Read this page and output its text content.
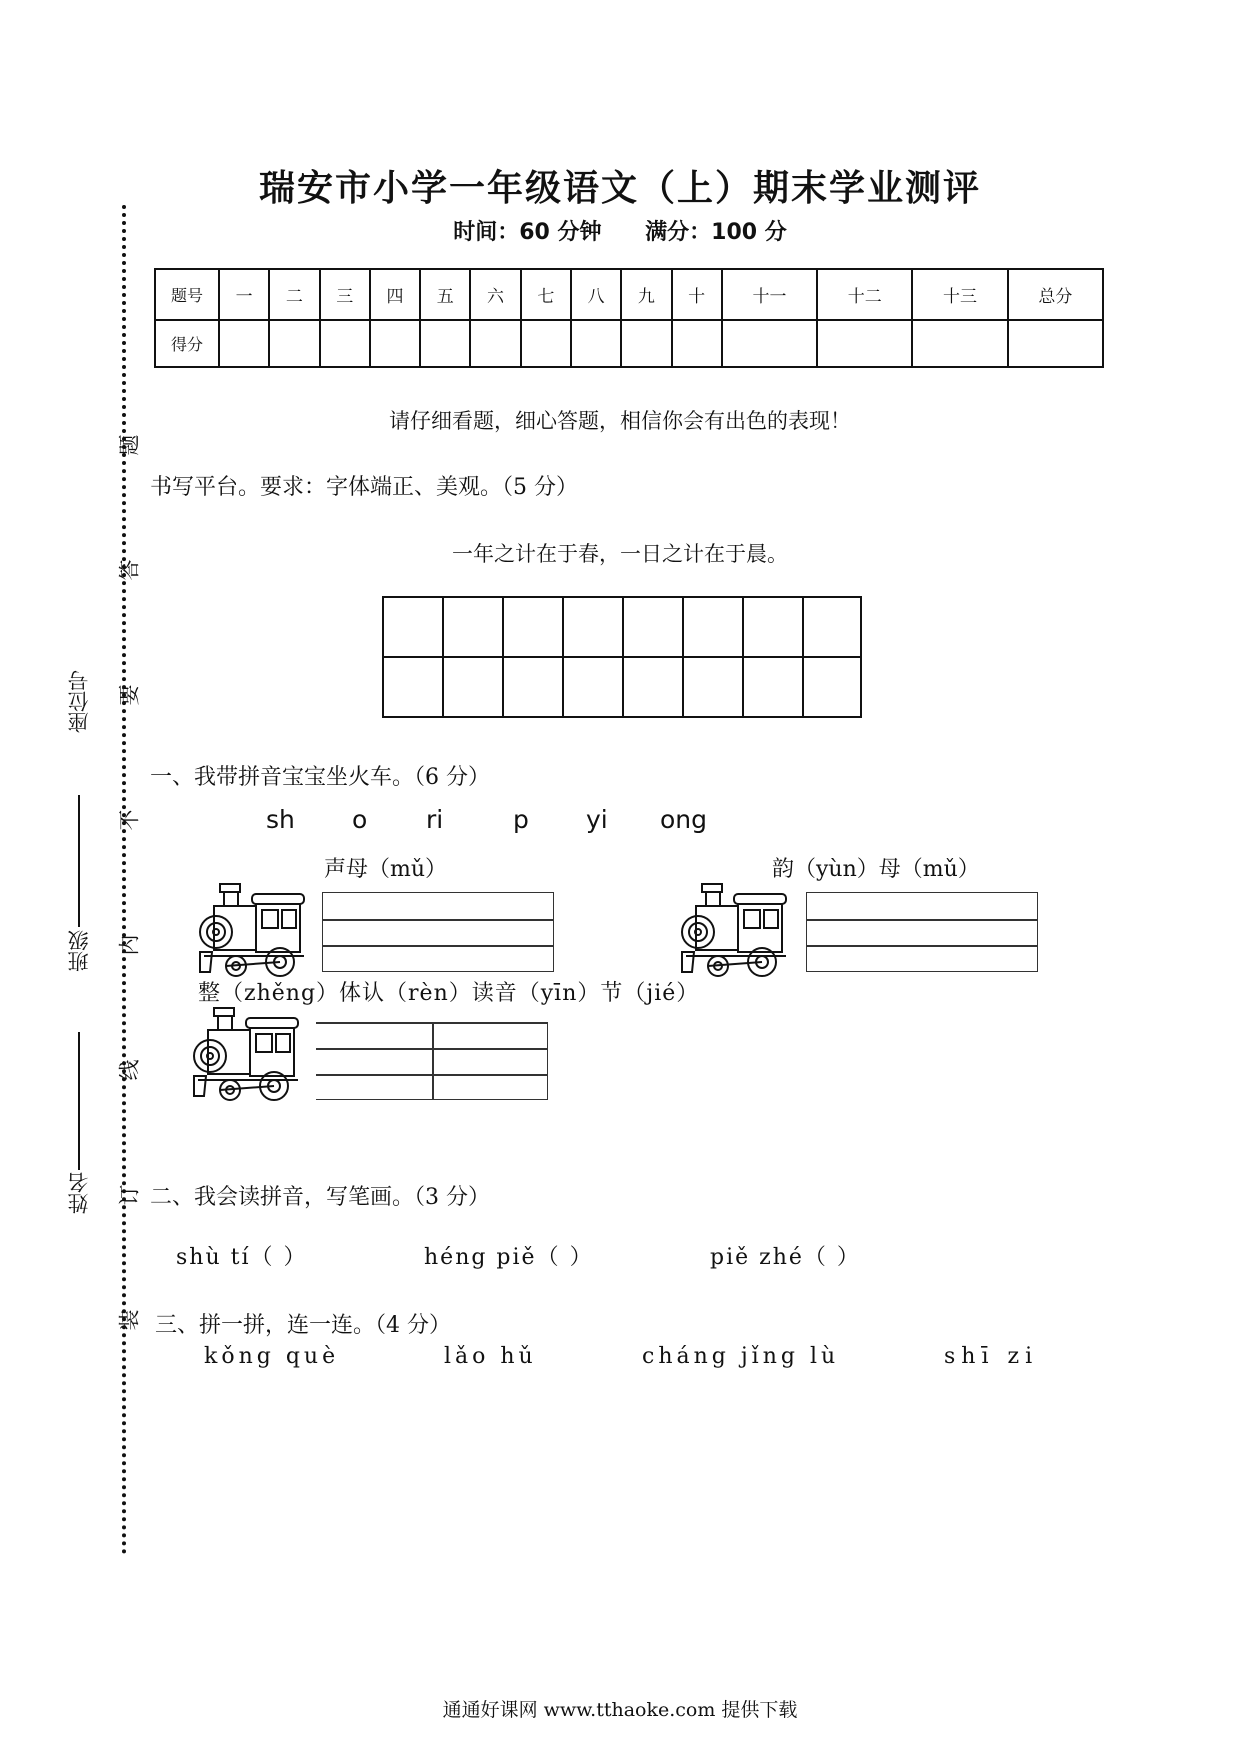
瑞安市小学一年级语文（上）期末学业测评
时间：60 分钟 满分：100 分
题号	一	二	三	四	五	六	七	八	九	十	十一	十二	十三	总分
得分														
请仔细看题，细心答题，相信你会有出色的表现！
书写平台。要求：字体端正、美观。（5 分）
一年之计在于春，一日之计在于晨。
一、我带拼音宝宝坐火车。（6 分）
sh o ri	p yi ong
声母（mǔ）	韵（yùn）母（mǔ）
整（zhěng）体认（rèn）读音（yīn）节（jié）
二、我会读拼音，写笔画。（3 分）
shù tí（ ）	héng piě（ ）	piě zhé（ ）
三、拼一拼，连一连。（4 分）
kǒng què	lǎo hǔ	cháng jǐng lù	shī zi
题
答
要
不
内
线
订
装
姓名
班级
座位号
通通好课网 www.tthaoke.com 提供下载
